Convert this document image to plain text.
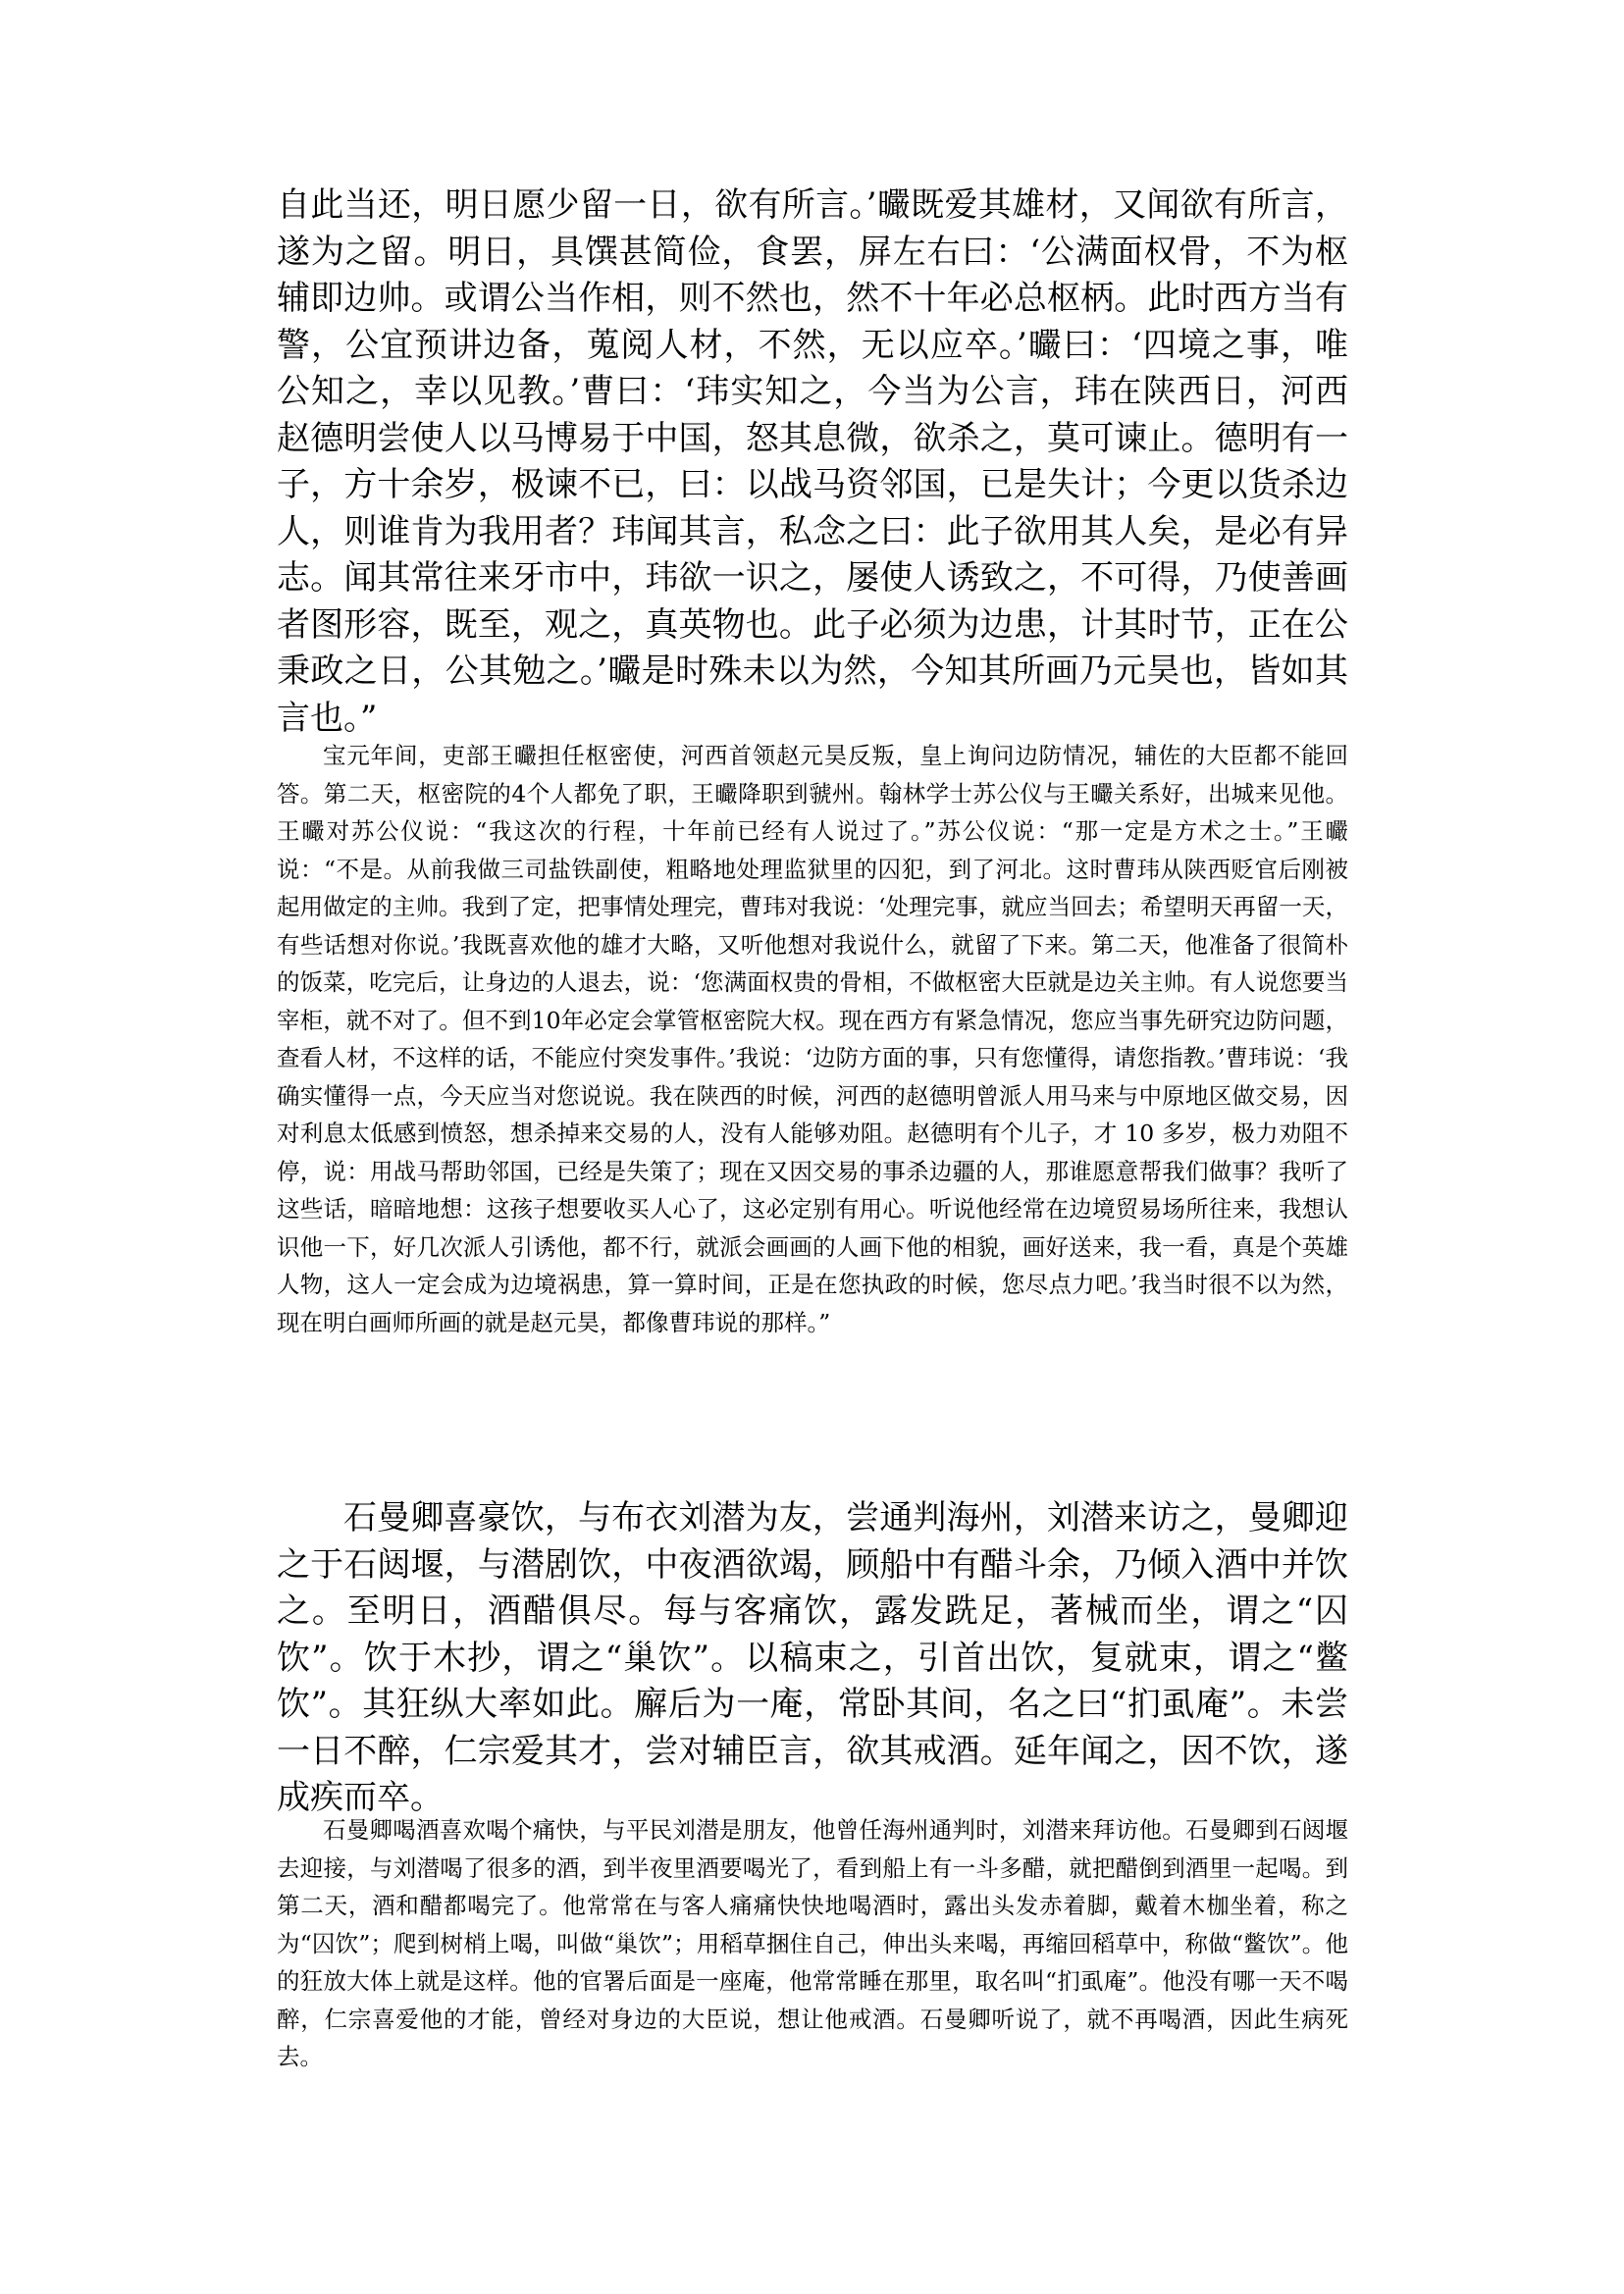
自此当还，明日愿少留一日，欲有所言。’曮既爱其雄材，又闻欲有所言，遂为之留。明日，具馔甚简俭，食罢，屏左右曰：‘公满面权骨，不为枢辅即边帅。或谓公当作相，则不然也，然不十年必总枢柄。此时西方当有警，公宜预讲边备，蒐阅人材，不然，无以应卒。’曮曰：‘四境之事，唯公知之，幸以见教。’曹曰：‘玮实知之，今当为公言，玮在陕西日，河西赵德明尝使人以马博易于中国，怒其息微，欲杀之，莫可谏止。德明有一子，方十余岁，极谏不已，曰：以战马资邻国，已是失计；今更以货杀边人，则谁肯为我用者？玮闻其言，私念之曰：此子欲用其人矣，是必有异志。闻其常往来牙市中，玮欲一识之，屡使人诱致之，不可得，乃使善画者图形容，既至，观之，真英物也。此子必须为边患，计其时节，正在公秉政之日，公其勉之。’曮是时殊未以为然，今知其所画乃元昊也，皆如其言也。”

宝元年间，吏部王曮担任枢密使，河西首领赵元昊反叛，皇上询问边防情况，辅佐的大臣都不能回答。第二天，枢密院的4个人都免了职，王曮降职到虢州。翰林学士苏公仪与王曮关系好，出城来见他。王曮对苏公仪说：“我这次的行程，十年前已经有人说过了。”苏公仪说：“那一定是方术之士。”王曮说：“不是。从前我做三司盐铁副使，粗略地处理监狱里的囚犯，到了河北。这时曹玮从陕西贬官后刚被起用做定的主帅。我到了定，把事情处理完，曹玮对我说：‘处理完事，就应当回去；希望明天再留一天，有些话想对你说。’我既喜欢他的雄才大略，又听他想对我说什么，就留了下来。第二天，他准备了很简朴的饭菜，吃完后，让身边的人退去，说：‘您满面权贵的骨相，不做枢密大臣就是边关主帅。有人说您要当宰柜，就不对了。但不到10年必定会掌管枢密院大权。现在西方有紧急情况，您应当事先研究边防问题，查看人材，不这样的话，不能应付突发事件。’我说：‘边防方面的事，只有您懂得，请您指教。’曹玮说：‘我确实懂得一点，今天应当对您说说。我在陕西的时候，河西的赵德明曾派人用马来与中原地区做交易，因对利息太低感到愤怒，想杀掉来交易的人，没有人能够劝阻。赵德明有个儿子，才 10 多岁，极力劝阻不停，说：用战马帮助邻国，已经是失策了；现在又因交易的事杀边疆的人，那谁愿意帮我们做事？我听了这些话，暗暗地想：这孩子想要收买人心了，这必定别有用心。听说他经常在边境贸易场所往来，我想认识他一下，好几次派人引诱他，都不行，就派会画画的人画下他的相貌，画好送来，我一看，真是个英雄人物，这人一定会成为边境祸患，算一算时间，正是在您执政的时候，您尽点力吧。’我当时很不以为然，现在明白画师所画的就是赵元昊，都像曹玮说的那样。”

石曼卿喜豪饮，与布衣刘潜为友，尝通判海州，刘潜来访之，曼卿迎之于石闼堰，与潜剧饮，中夜酒欲竭，顾船中有醋斗余，乃倾入酒中并饮之。至明日，酒醋俱尽。每与客痛饮，露发跣足，著械而坐，谓之“囚饮”。饮于木抄，谓之“巢饮”。以稿束之，引首出饮，复就束，谓之“鳖饮”。其狂纵大率如此。廨后为一庵，常卧其间，名之曰“扪虱庵”。未尝一日不醉，仁宗爱其才，尝对辅臣言，欲其戒酒。延年闻之，因不饮，遂成疾而卒。

石曼卿喝酒喜欢喝个痛快，与平民刘潜是朋友，他曾任海州通判时，刘潜来拜访他。石曼卿到石闼堰去迎接，与刘潜喝了很多的酒，到半夜里酒要喝光了，看到船上有一斗多醋，就把醋倒到酒里一起喝。到第二天，酒和醋都喝完了。他常常在与客人痛痛快快地喝酒时，露出头发赤着脚，戴着木枷坐着，称之为“囚饮”；爬到树梢上喝，叫做“巢饮”；用稻草捆住自己，伸出头来喝，再缩回稻草中，称做“鳖饮”。他的狂放大体上就是这样。他的官署后面是一座庵，他常常睡在那里，取名叫“扪虱庵”。他没有哪一天不喝醉，仁宗喜爱他的才能，曾经对身边的大臣说，想让他戒酒。石曼卿听说了，就不再喝酒，因此生病死去。
